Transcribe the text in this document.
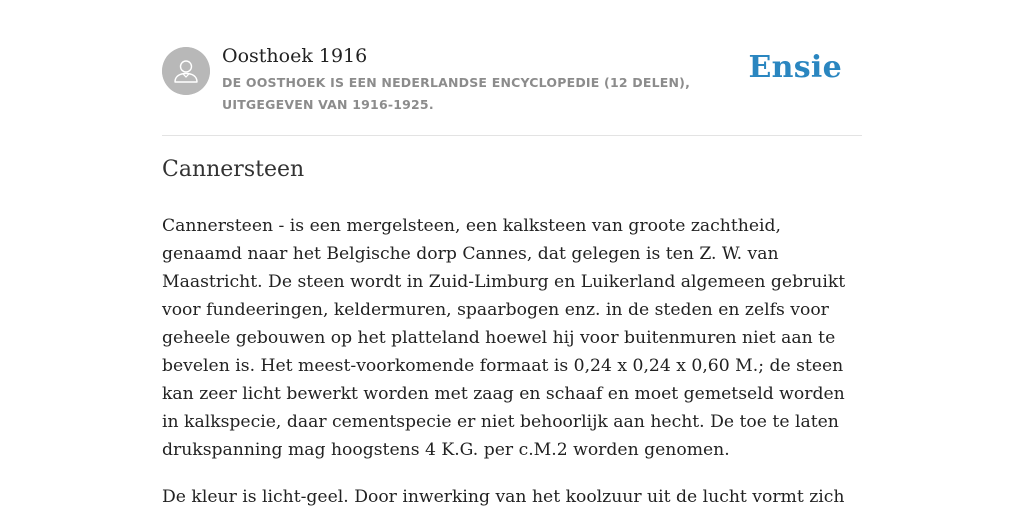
Oosthoek 1916
DE OOSTHOEK IS EEN NEDERLANDSE ENCYCLOPEDIE (12 DELEN), UITGEGEVEN VAN 1916-1925.
Ensie
Cannersteen

Cannersteen - is een mergelsteen, een kalksteen van groote zachtheid, genaamd naar het Belgische dorp Cannes, dat gelegen is ten Z. W. van Maastricht. De steen wordt in Zuid-Limburg en Luikerland algemeen gebruikt voor fundeeringen, keldermuren, spaarbogen enz. in de steden en zelfs voor geheele gebouwen op het platteland hoewel hij voor buitenmuren niet aan te bevelen is. Het meest-voorkomende formaat is 0,24 x 0,24 x 0,60 M.; de steen kan zeer licht bewerkt worden met zaag en schaaf en moet gemetseld worden in kalkspecie, daar cementspecie er niet behoorlijk aan hecht. De toe te laten drukspanning mag hoogstens 4 K.G. per c.M.2 worden genomen.

De kleur is licht-geel. Door inwerking van het koolzuur uit de lucht vormt zich
